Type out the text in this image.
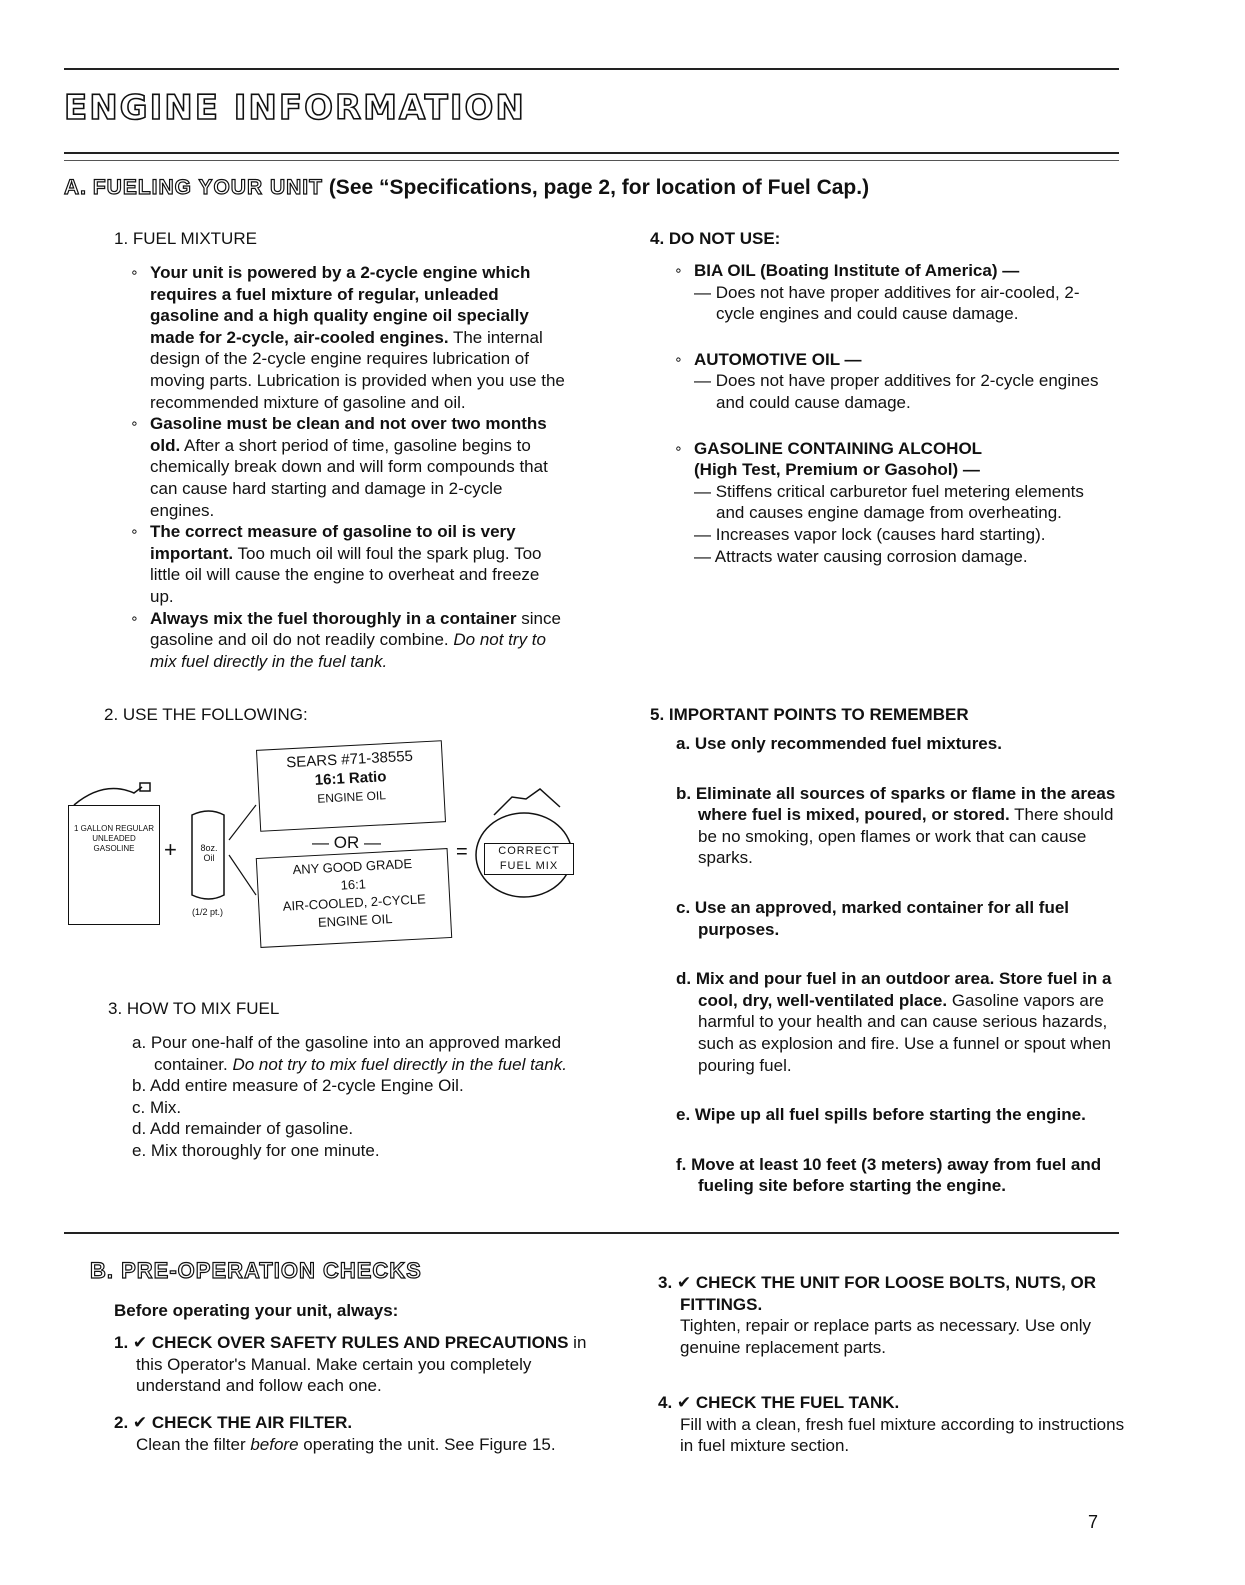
ENGINE INFORMATION
A. FUELING YOUR UNIT (See “Specifications, page 2, for location of Fuel Cap.)
1. FUEL MIXTURE
∘ Your unit is powered by a 2-cycle engine which requires a fuel mixture of regular, unleaded gasoline and a high quality engine oil specially made for 2-cycle, air-cooled engines. The internal design of the 2-cycle engine requires lubrication of moving parts. Lubrication is provided when you use the recommended mixture of gasoline and oil.
∘ Gasoline must be clean and not over two months old. After a short period of time, gasoline begins to chemically break down and will form compounds that can cause hard starting and damage in 2-cycle engines.
∘ The correct measure of gasoline to oil is very important. Too much oil will foul the spark plug. Too little oil will cause the engine to overheat and freeze up.
∘ Always mix the fuel thoroughly in a container since gasoline and oil do not readily combine. Do not try to mix fuel directly in the fuel tank.
2. USE THE FOLLOWING:
1 GALLON REGULAR UNLEADED GASOLINE	+	8oz. Oil
(1/2 pt.)
SEARS #71-38555
16:1 Ratio
ENGINE OIL
— OR —
ANY GOOD GRADE
16:1
AIR-COOLED, 2-CYCLE
ENGINE OIL
=	CORRECT
FUEL MIX
3. HOW TO MIX FUEL
a. Pour one-half of the gasoline into an approved marked container. Do not try to mix fuel directly in the fuel tank.
b. Add entire measure of 2-cycle Engine Oil.
c. Mix.
d. Add remainder of gasoline.
e. Mix thoroughly for one minute.
4. DO NOT USE:
∘ BIA OIL (Boating Institute of America) —
— Does not have proper additives for air-cooled, 2-cycle engines and could cause damage.
∘ AUTOMOTIVE OIL —
— Does not have proper additives for 2-cycle engines and could cause damage.
∘ GASOLINE CONTAINING ALCOHOL
(High Test, Premium or Gasohol) —
— Stiffens critical carburetor fuel metering elements and causes engine damage from overheating.
— Increases vapor lock (causes hard starting).
— Attracts water causing corrosion damage.
5. IMPORTANT POINTS TO REMEMBER
a. Use only recommended fuel mixtures.
b. Eliminate all sources of sparks or flame in the areas where fuel is mixed, poured, or stored. There should be no smoking, open flames or work that can cause sparks.
c. Use an approved, marked container for all fuel purposes.
d. Mix and pour fuel in an outdoor area. Store fuel in a cool, dry, well-ventilated place. Gasoline vapors are harmful to your health and can cause serious hazards, such as explosion and fire. Use a funnel or spout when pouring fuel.
e. Wipe up all fuel spills before starting the engine.
f. Move at least 10 feet (3 meters) away from fuel and fueling site before starting the engine.
B. PRE-OPERATION CHECKS
Before operating your unit, always:
1. ✔ CHECK OVER SAFETY RULES AND PRECAUTIONS in this Operator's Manual. Make certain you completely understand and follow each one.
2. ✔ CHECK THE AIR FILTER.
Clean the filter before operating the unit. See Figure 15.
3. ✔ CHECK THE UNIT FOR LOOSE BOLTS, NUTS, OR FITTINGS.
Tighten, repair or replace parts as necessary. Use only genuine replacement parts.
4. ✔ CHECK THE FUEL TANK.
Fill with a clean, fresh fuel mixture according to instructions in fuel mixture section.
7
